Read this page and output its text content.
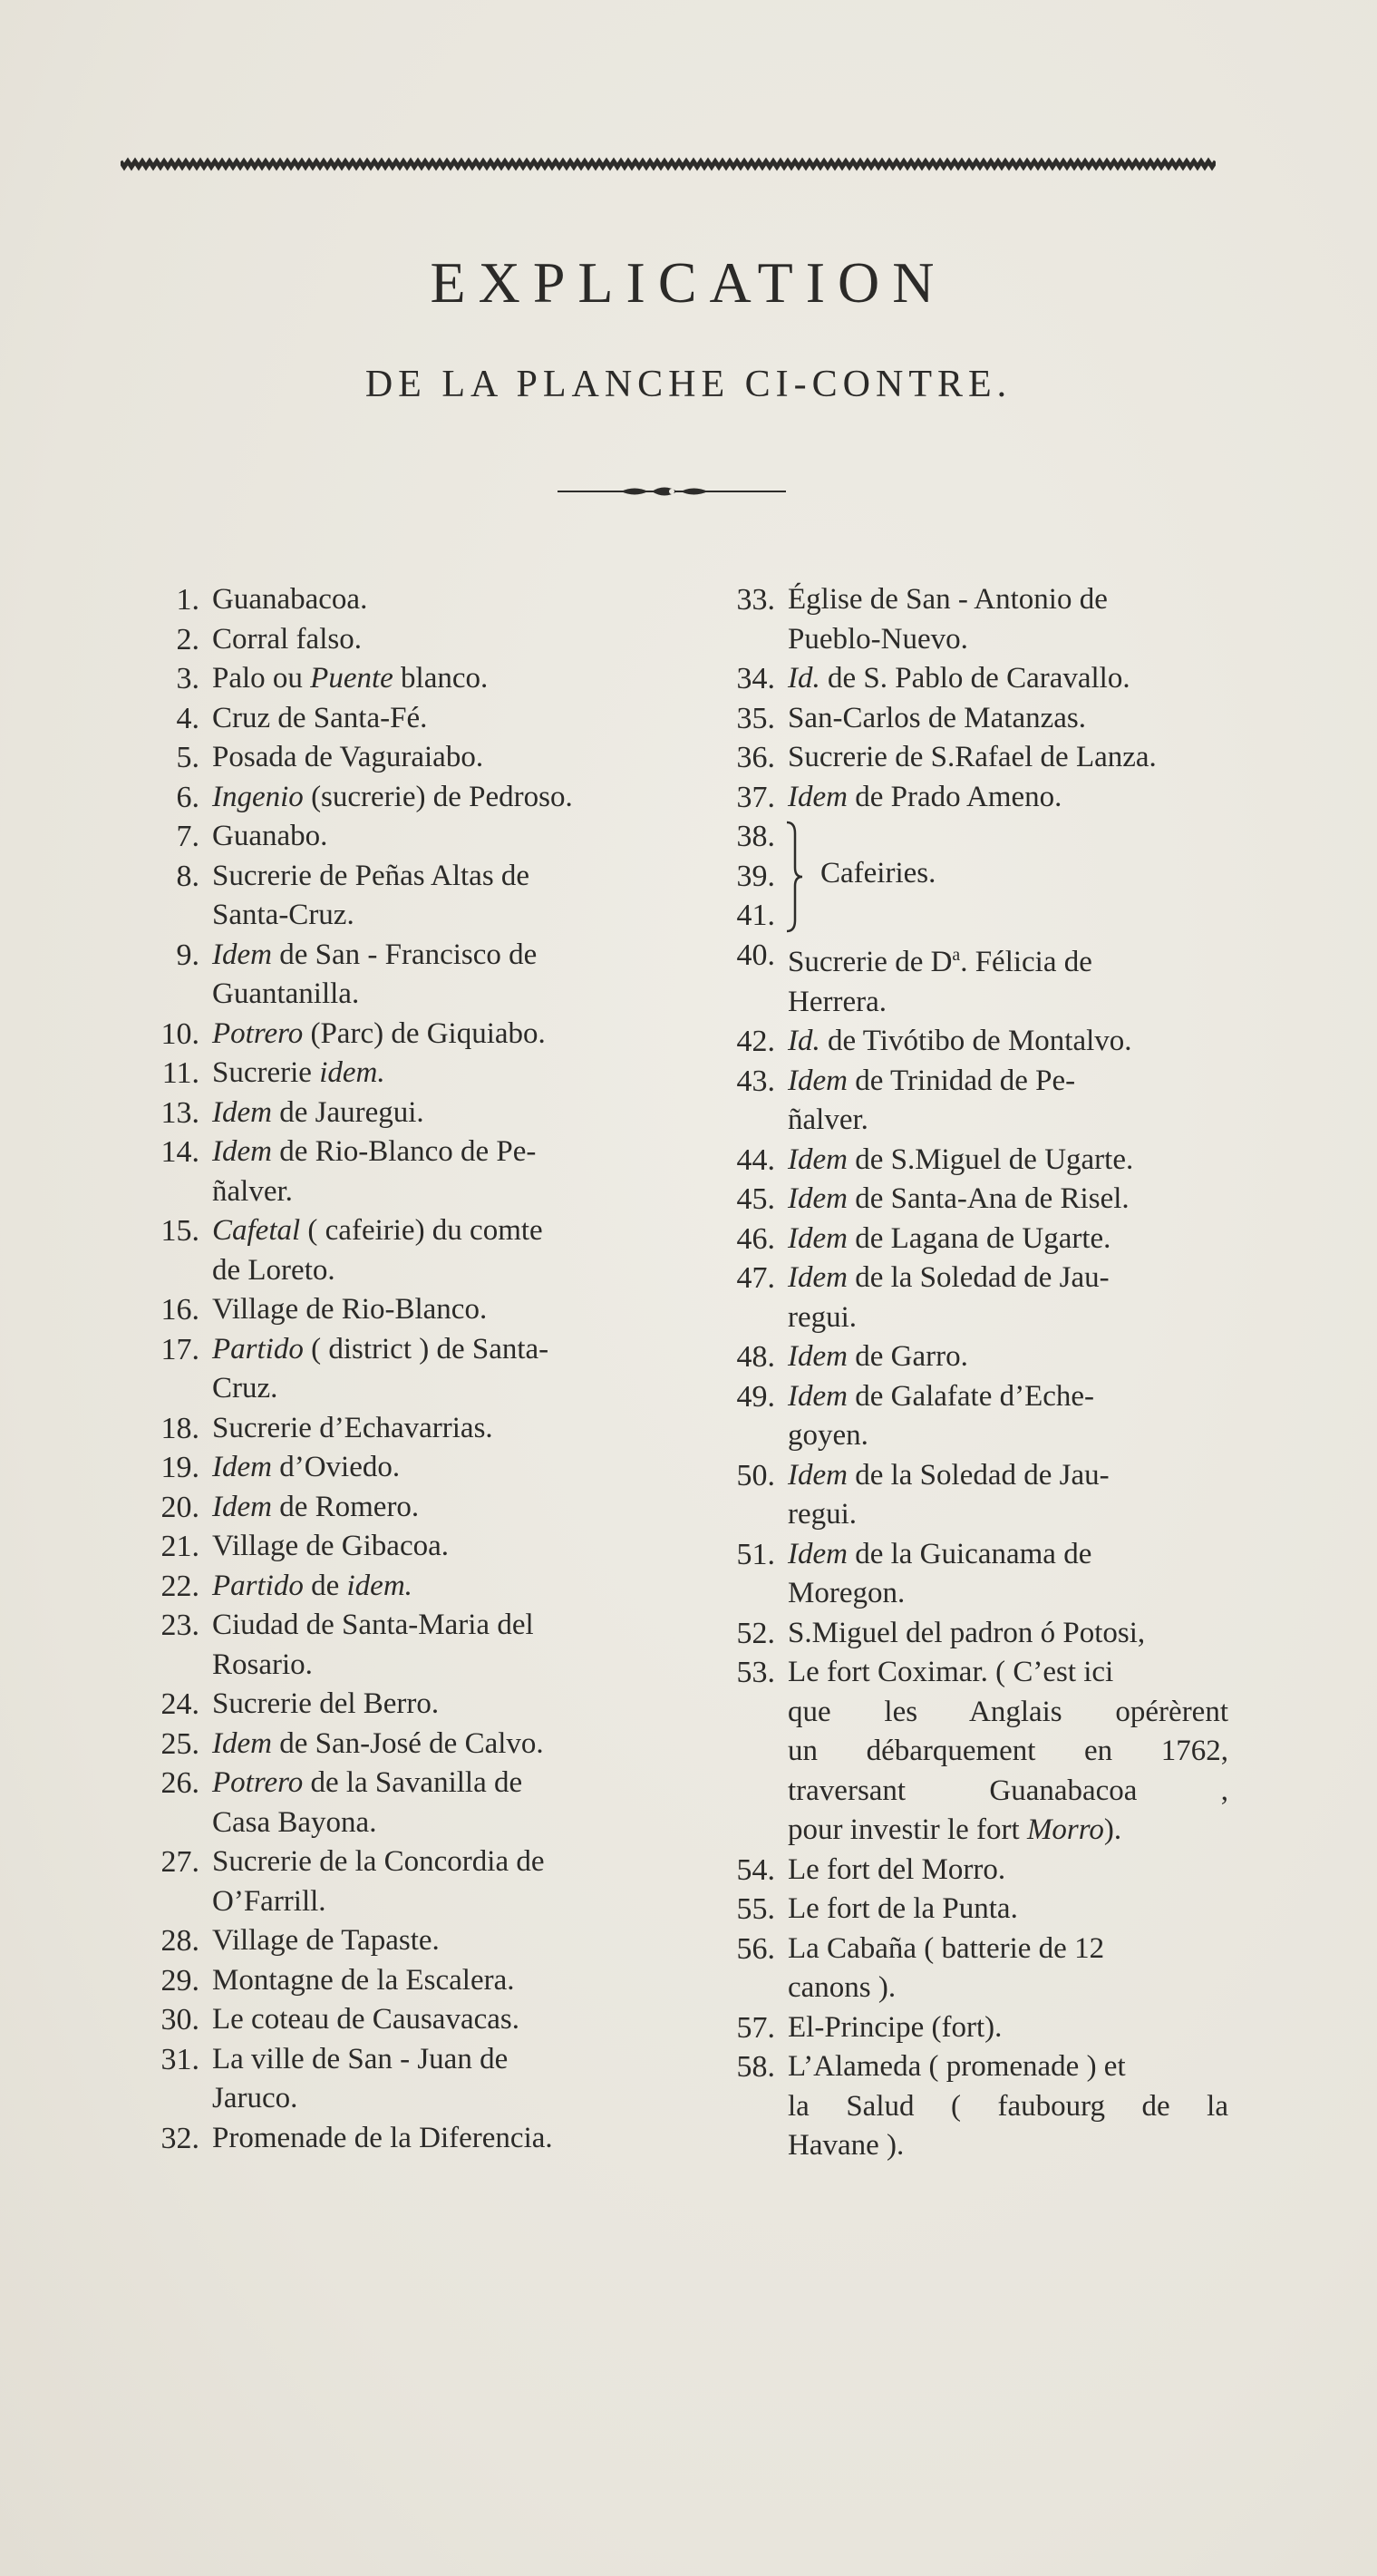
EXPLICATION
DE LA PLANCHE CI-CONTRE.
1. Guanabacoa.
2. Corral falso.
3. Palo ou Puente blanco.
4. Cruz de Santa-Fé.
5. Posada de Vaguraiabo.
6. Ingenio (sucrerie) de Pedroso.
7. Guanabo.
8. Sucrerie de Peñas Altas de
Santa-Cruz.
9. Idem de San - Francisco de
Guantanilla.
10. Potrero (Parc) de Giquiabo.
11. Sucrerie idem.
13. Idem de Jauregui.
14. Idem de Rio-Blanco de Pe-
ñalver.
15. Cafetal ( cafeirie) du comte
de Loreto.
16. Village de Rio-Blanco.
17. Partido ( district ) de Santa-
Cruz.
18. Sucrerie d’Echavarrias.
19. Idem d’Oviedo.
20. Idem de Romero.
21. Village de Gibacoa.
22. Partido de idem.
23. Ciudad de Santa-Maria del
Rosario.
24. Sucrerie del Berro.
25. Idem de San-José de Calvo.
26. Potrero de la Savanilla de
Casa Bayona.
27. Sucrerie de la Concordia de
O’Farrill.
28. Village de Tapaste.
29. Montagne de la Escalera.
30. Le coteau de Causavacas.
31. La ville de San - Juan de
Jaruco.
32. Promenade de la Diferencia.
33. Église de San - Antonio de
Pueblo-Nuevo.
34. Id. de S. Pablo de Caravallo.
35. San-Carlos de Matanzas.
36. Sucrerie de S.Rafael de Lanza.
37. Idem de Prado Ameno.
38.
39.
41.
Cafeiries.
40. Sucrerie de $D^a$. Félicia de
Herrera.
42. Id. de Tivótibo de Montalvo.
43. Idem de Trinidad de Pe-
ñalver.
44. Idem de S.Miguel de Ugarte.
45. Idem de Santa-Ana de Risel.
46. Idem de Lagana de Ugarte.
47. Idem de la Soledad de Jau-
regui.
48. Idem de Garro.
49. Idem de Galafate d’Eche-
goyen.
50. Idem de la Soledad de Jau-
regui.
51. Idem de la Guicanama de
Moregon.
52. S.Miguel del padron ó Potosi,
53. Le fort Coximar. ( C’est ici
que les Anglais opérèrent
un débarquement en 1762,
traversant Guanabacoa ,
pour investir le fort Morro).
54. Le fort del Morro.
55. Le fort de la Punta.
56. La Cabaña ( batterie de 12
canons ).
57. El-Principe (fort).
58. L’Alameda ( promenade ) et
la Salud ( faubourg de la
Havane ).
